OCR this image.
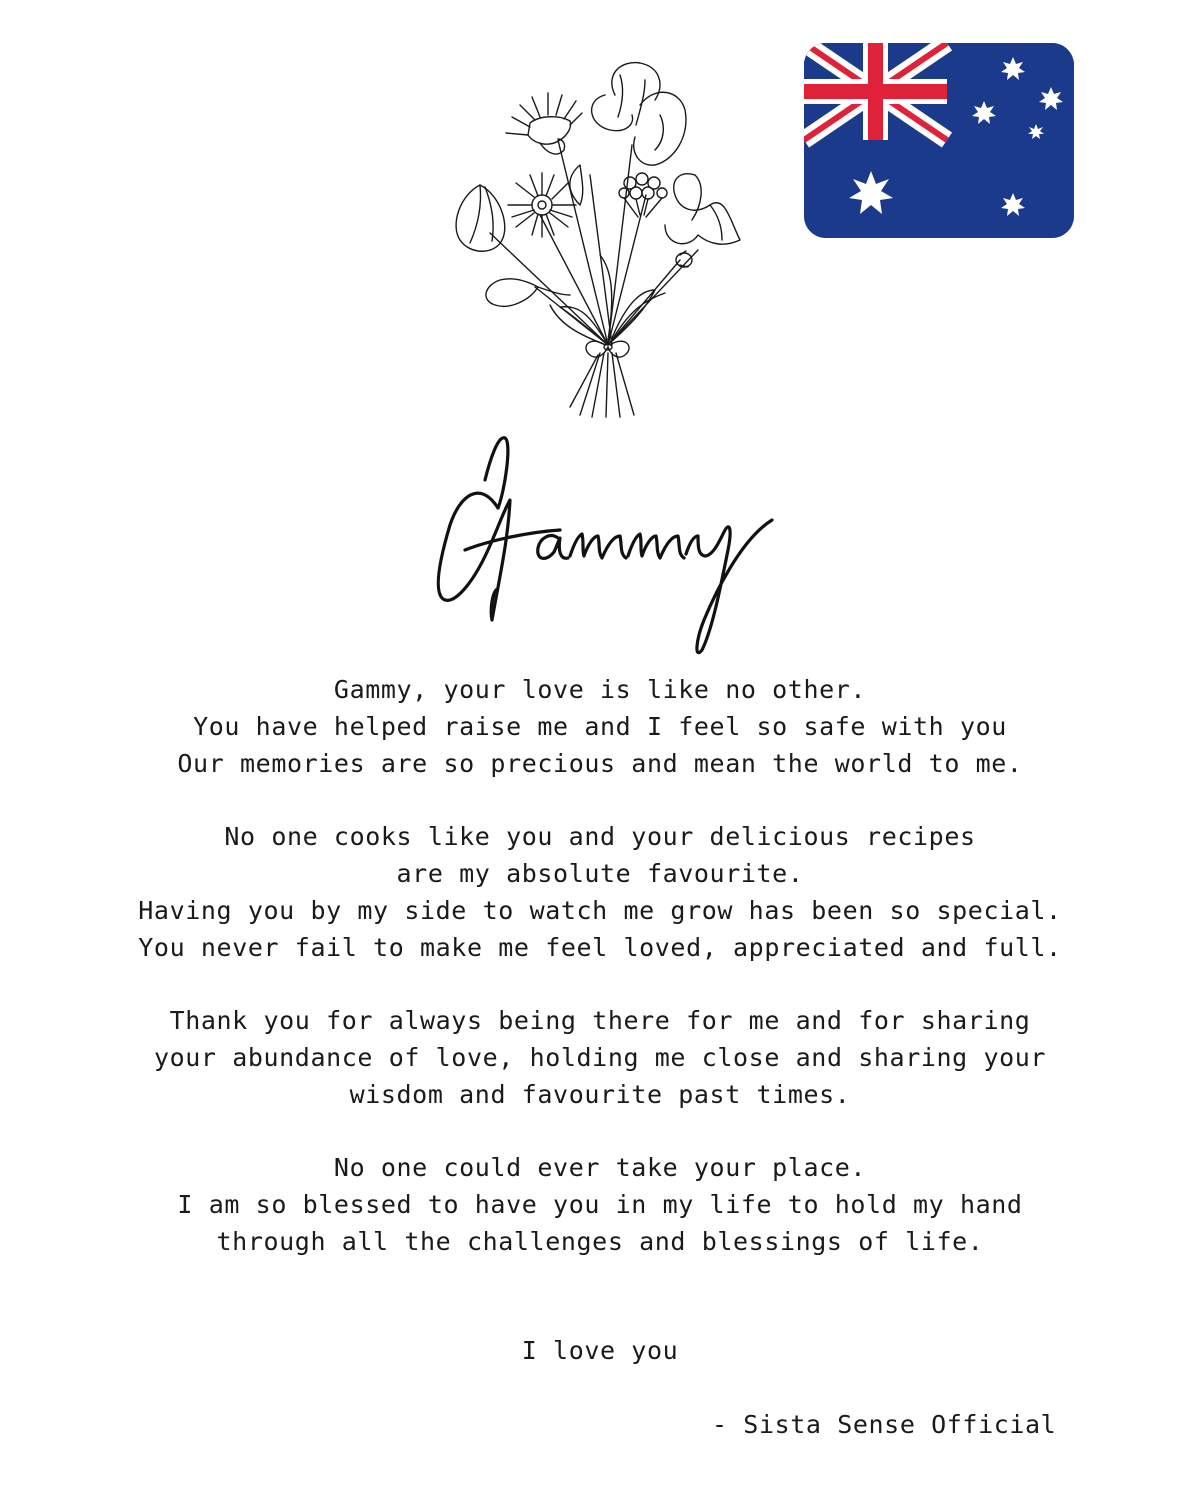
Gammy, your love is like no other.
You have helped raise me and I feel so safe with you
Our memories are so precious and mean the world to me.
No one cooks like you and your delicious recipes
are my absolute favourite.
Having you by my side to watch me grow has been so special.
You never fail to make me feel loved, appreciated and full.
Thank you for always being there for me and for sharing
your abundance of love, holding me close and sharing your
wisdom and favourite past times.
No one could ever take your place.
I am so blessed to have you in my life to hold my hand
through all the challenges and blessings of life.
I love you
- Sista Sense Official
